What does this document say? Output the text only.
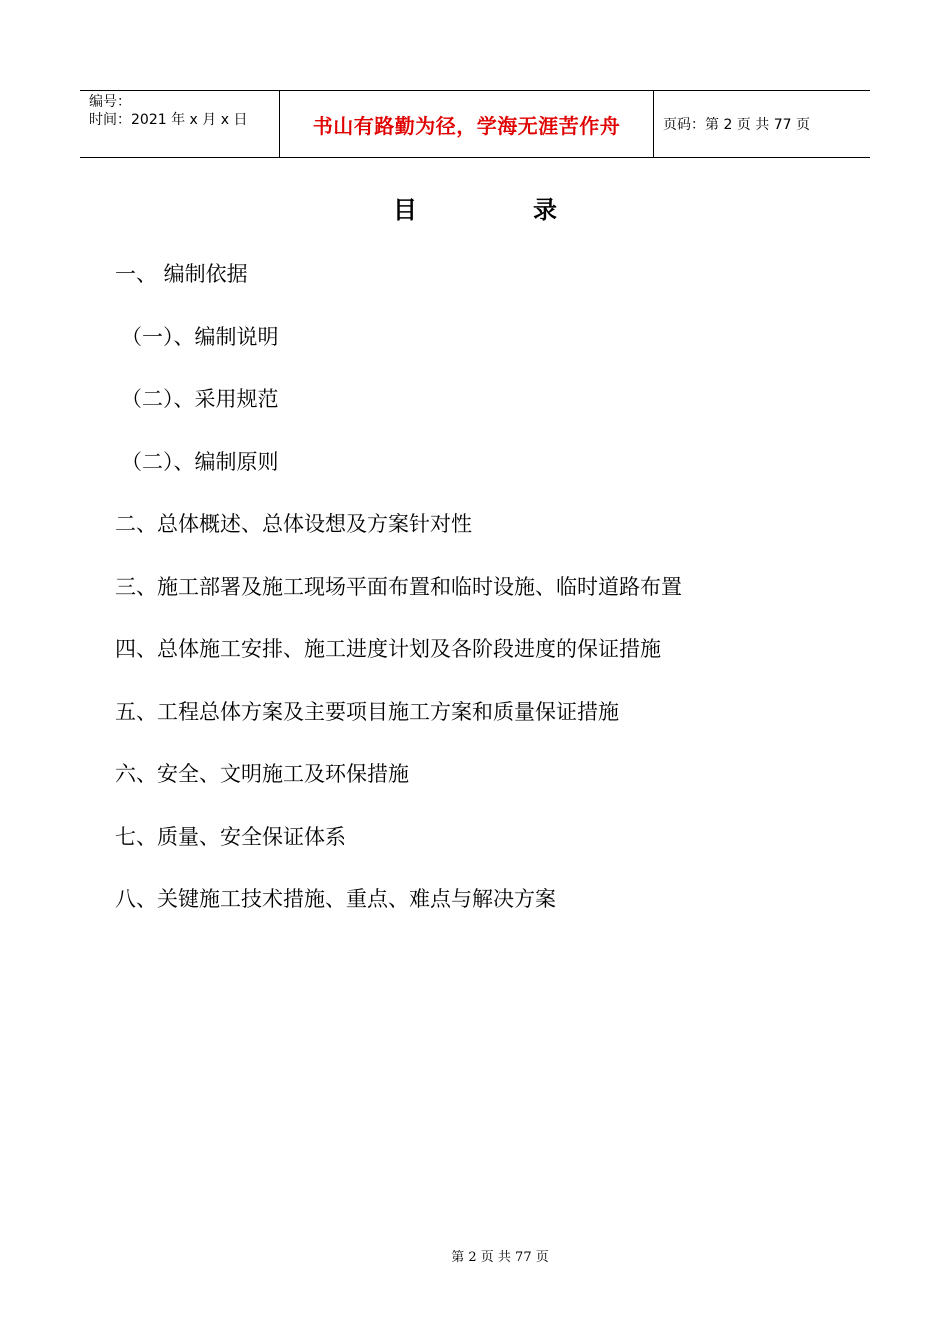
编号：
时间：2021 年 x 月 x 日	书山有路勤为径，学海无涯苦作舟	页码：第 2 页 共 77 页
目录
一、 编制依据
（一）、编制说明
（二）、采用规范
（二）、编制原则
二、总体概述、总体设想及方案针对性
三、施工部署及施工现场平面布置和临时设施、临时道路布置
四、总体施工安排、施工进度计划及各阶段进度的保证措施
五、工程总体方案及主要项目施工方案和质量保证措施
六、安全、文明施工及环保措施
七、质量、安全保证体系
八、关键施工技术措施、重点、难点与解决方案
第 2 页 共 77 页
